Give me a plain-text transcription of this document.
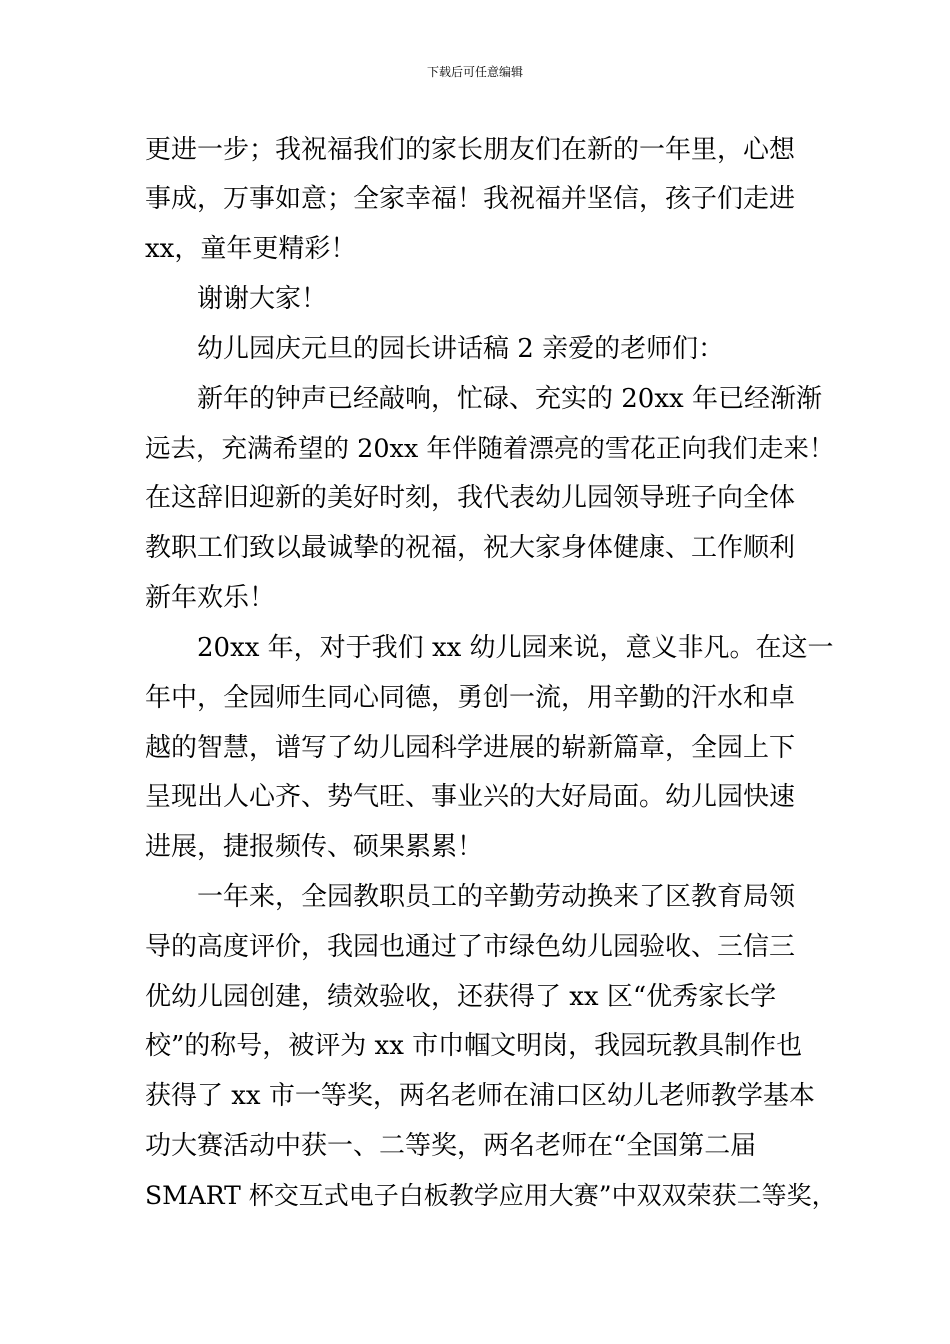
下载后可任意编辑
更进一步；我祝福我们的家长朋友们在新的一年里，心想
事成，万事如意；全家幸福！我祝福并坚信，孩子们走进
xx，童年更精彩！
谢谢大家！
幼儿园庆元旦的园长讲话稿 2 亲爱的老师们：
新年的钟声已经敲响，忙碌、充实的 20xx 年已经渐渐
远去，充满希望的 20xx 年伴随着漂亮的雪花正向我们走来！
在这辞旧迎新的美好时刻，我代表幼儿园领导班子向全体
教职工们致以最诚挚的祝福，祝大家身体健康、工作顺利
新年欢乐！
20xx 年，对于我们 xx 幼儿园来说，意义非凡。在这一
年中，全园师生同心同德，勇创一流，用辛勤的汗水和卓
越的智慧，谱写了幼儿园科学进展的崭新篇章，全园上下
呈现出人心齐、势气旺、事业兴的大好局面。幼儿园快速
进展，捷报频传、硕果累累！
一年来，全园教职员工的辛勤劳动换来了区教育局领
导的高度评价，我园也通过了市绿色幼儿园验收、三信三
优幼儿园创建，绩效验收，还获得了 xx 区“优秀家长学
校”的称号，被评为 xx 市巾帼文明岗，我园玩教具制作也
获得了 xx 市一等奖，两名老师在浦口区幼儿老师教学基本
功大赛活动中获一、二等奖，两名老师在“全国第二届
SMART 杯交互式电子白板教学应用大赛”中双双荣获二等奖，
